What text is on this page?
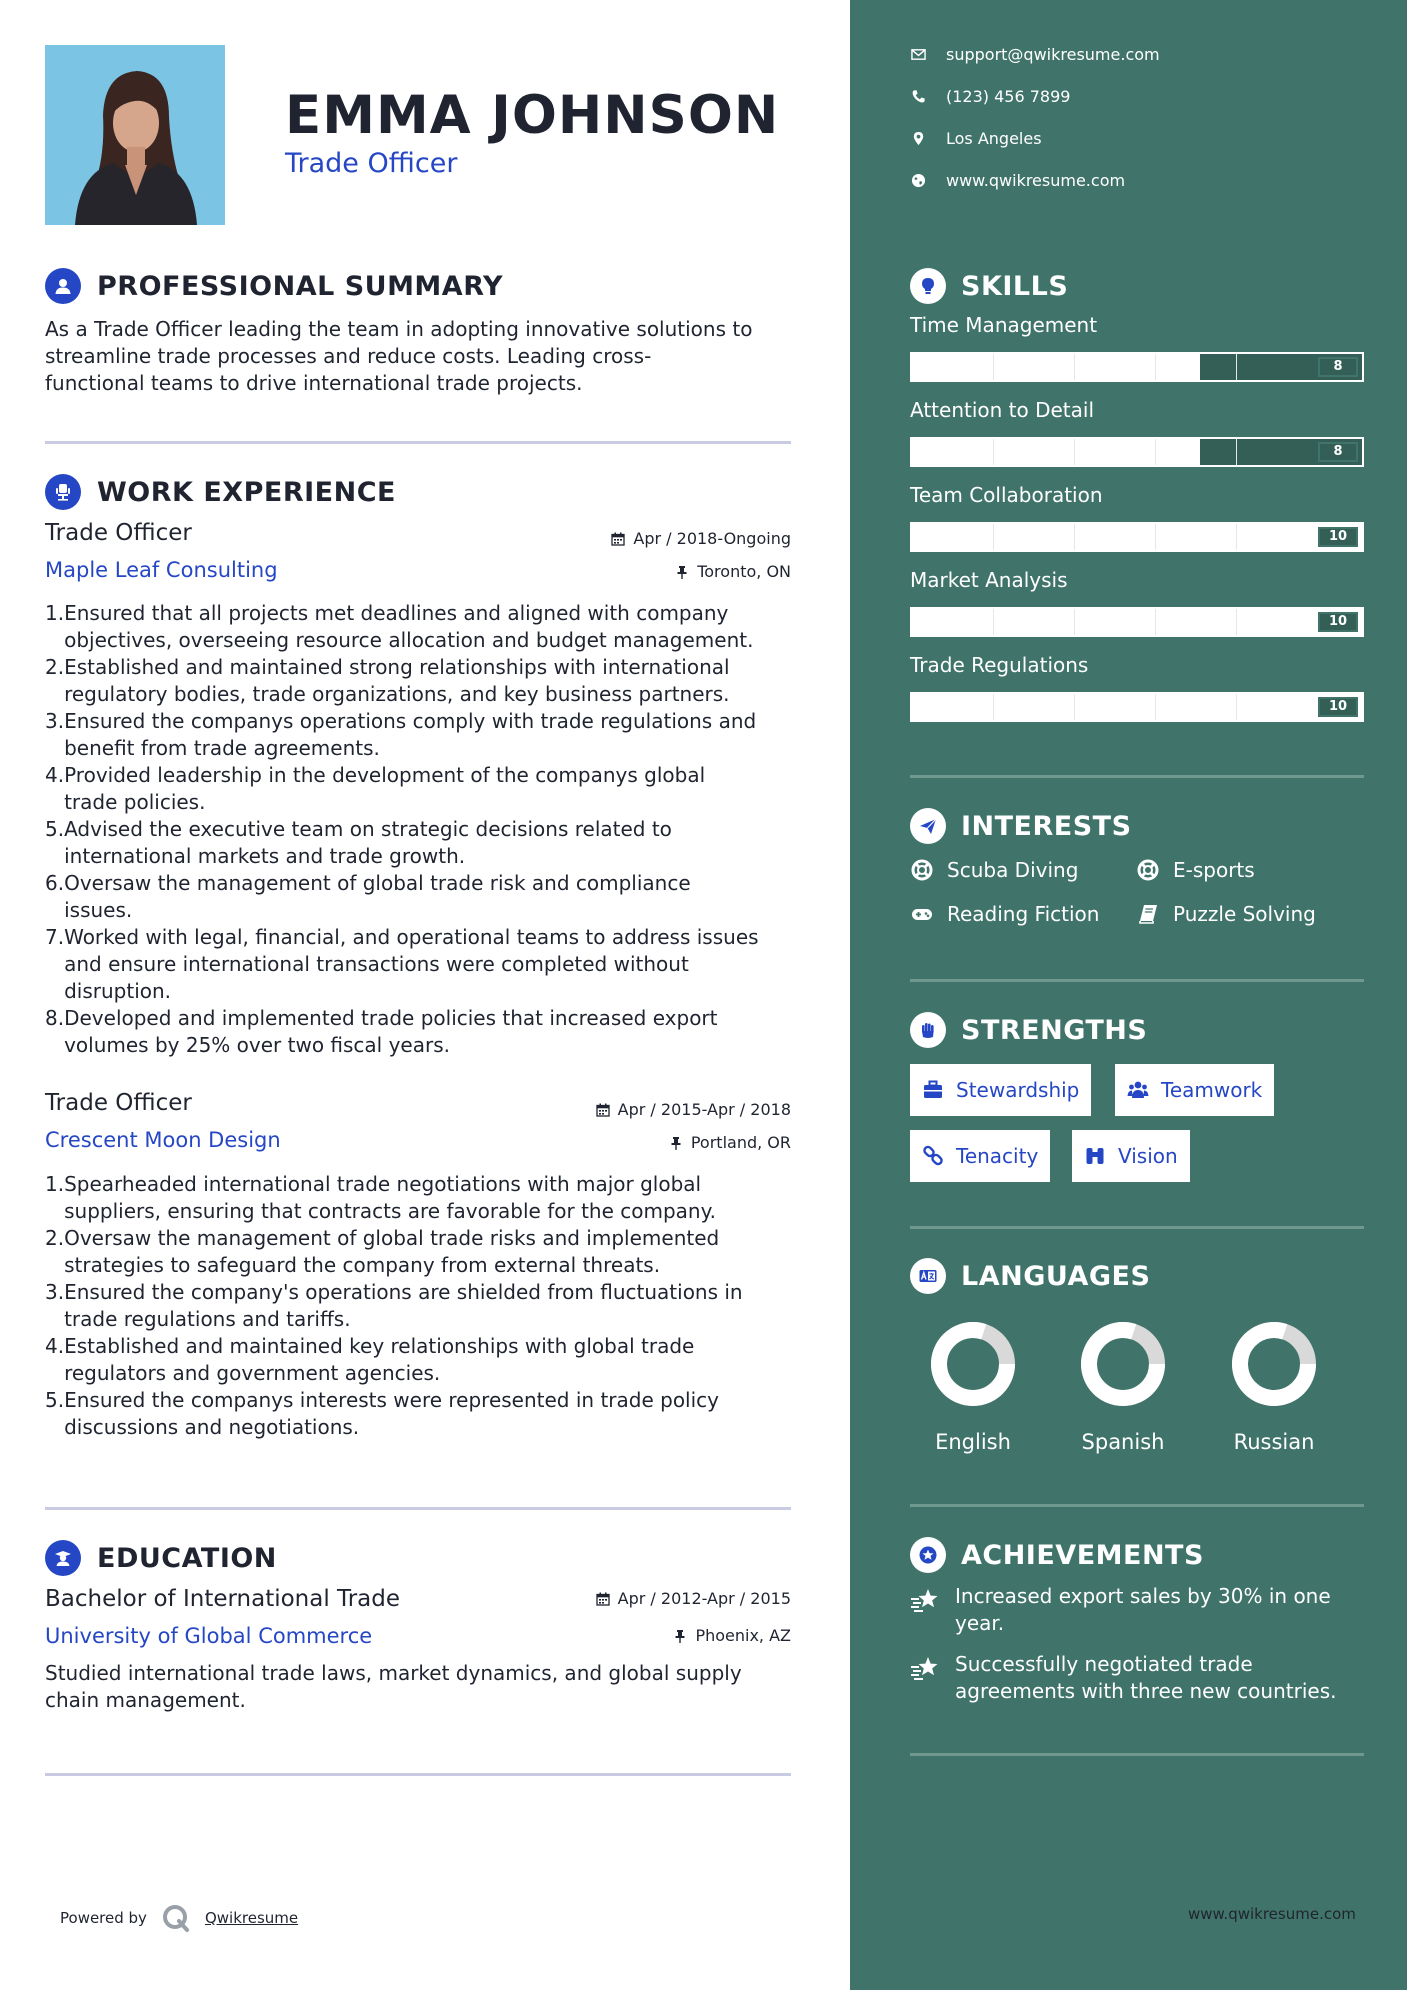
EMMA JOHNSON
Trade Officer
PROFESSIONAL SUMMARY
As a Trade Officer leading the team in adopting innovative solutions to
streamline trade processes and reduce costs. Leading cross-
functional teams to drive international trade projects.
WORK EXPERIENCE
Trade Officer
Maple Leaf Consulting
Apr / 2018-Ongoing
Toronto, ON
1. Ensured that all projects met deadlines and aligned with company
objectives, overseeing resource allocation and budget management.
2. Established and maintained strong relationships with international
regulatory bodies, trade organizations, and key business partners.
3. Ensured the companys operations comply with trade regulations and
benefit from trade agreements.
4. Provided leadership in the development of the companys global
trade policies.
5. Advised the executive team on strategic decisions related to
international markets and trade growth.
6. Oversaw the management of global trade risk and compliance
issues.
7. Worked with legal, financial, and operational teams to address issues
and ensure international transactions were completed without
disruption.
8. Developed and implemented trade policies that increased export
volumes by 25% over two fiscal years.
Trade Officer
Crescent Moon Design
Apr / 2015-Apr / 2018
Portland, OR
1. Spearheaded international trade negotiations with major global
suppliers, ensuring that contracts are favorable for the company.
2. Oversaw the management of global trade risks and implemented
strategies to safeguard the company from external threats.
3. Ensured the company's operations are shielded from fluctuations in
trade regulations and tariffs.
4. Established and maintained key relationships with global trade
regulators and government agencies.
5. Ensured the companys interests were represented in trade policy
discussions and negotiations.
EDUCATION
Bachelor of International Trade
University of Global Commerce
Apr / 2012-Apr / 2015
Phoenix, AZ
Studied international trade laws, market dynamics, and global supply
chain management.
Powered by	Qwikresume
support@qwikresume.com
(123) 456 7899
Los Angeles
www.qwikresume.com
SKILLS
Time Management
8
Attention to Detail
8
Team Collaboration
10
Market Analysis
10
Trade Regulations
10
INTERESTS
Scuba Diving	E-sports
Reading Fiction	Puzzle Solving
STRENGTHS
Stewardship	Teamwork
Tenacity	Vision
LANGUAGES
English	Spanish	Russian
ACHIEVEMENTS
Increased export sales by 30% in one
year.
Successfully negotiated trade
agreements with three new countries.
www.qwikresume.com
